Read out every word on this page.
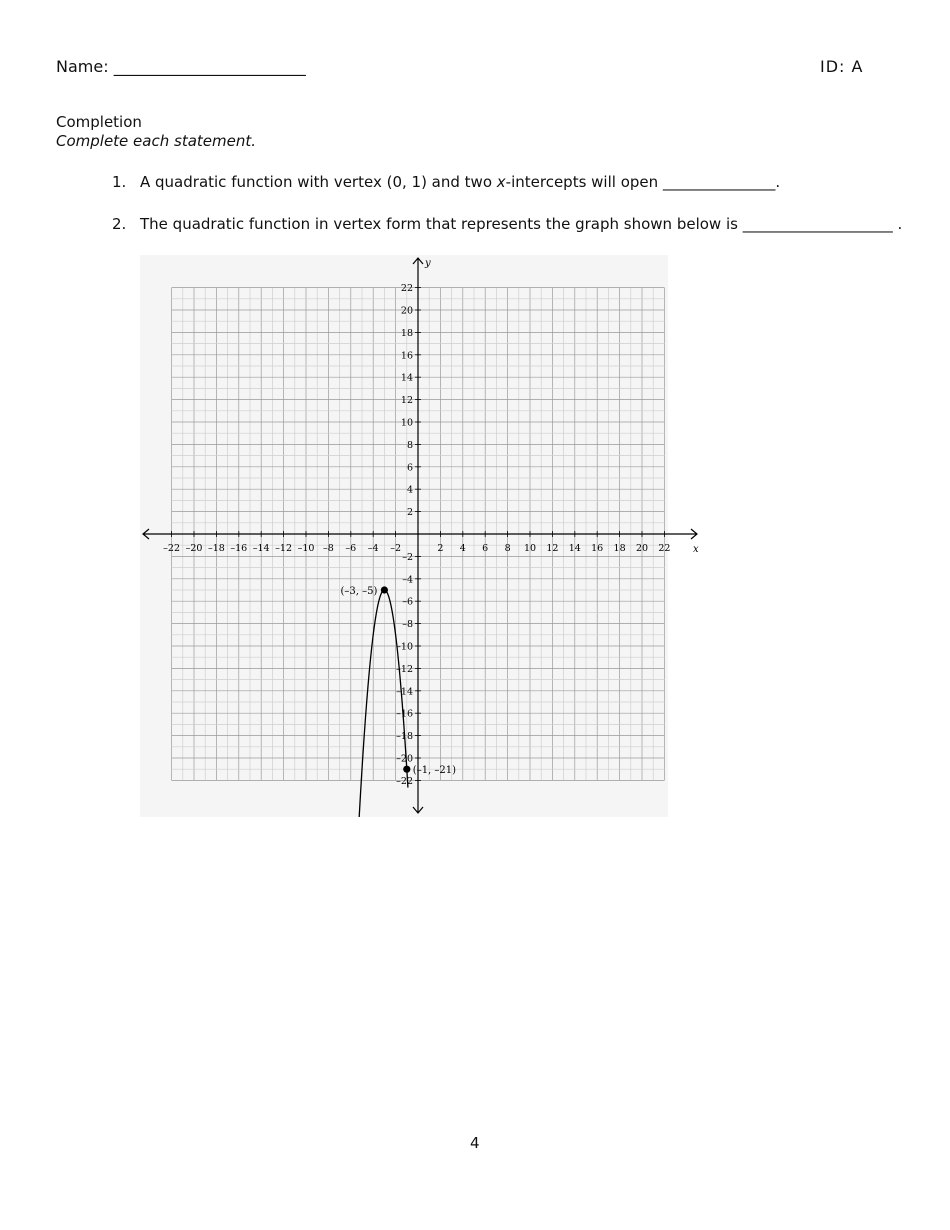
Name: ________________________	ID: A
Completion
Complete each statement.
1. A quadratic function with vertex (0, 1) and two x-intercepts will open _______________.
2. The quadratic function in vertex form that represents the graph shown below is ____________________ .
x
y
–22 –20 –18 –16 –14 –12 –10 –8 –6 –4 –2	2 4 6 8 10 12 14 16 18 20 22
22
20
18
16
14
12
10
8
6
4
2
–2
–4
–6
–8
–10
–12
–14
–16
–18
–20
–22
(–3, –5)
(–1, –21)
4
